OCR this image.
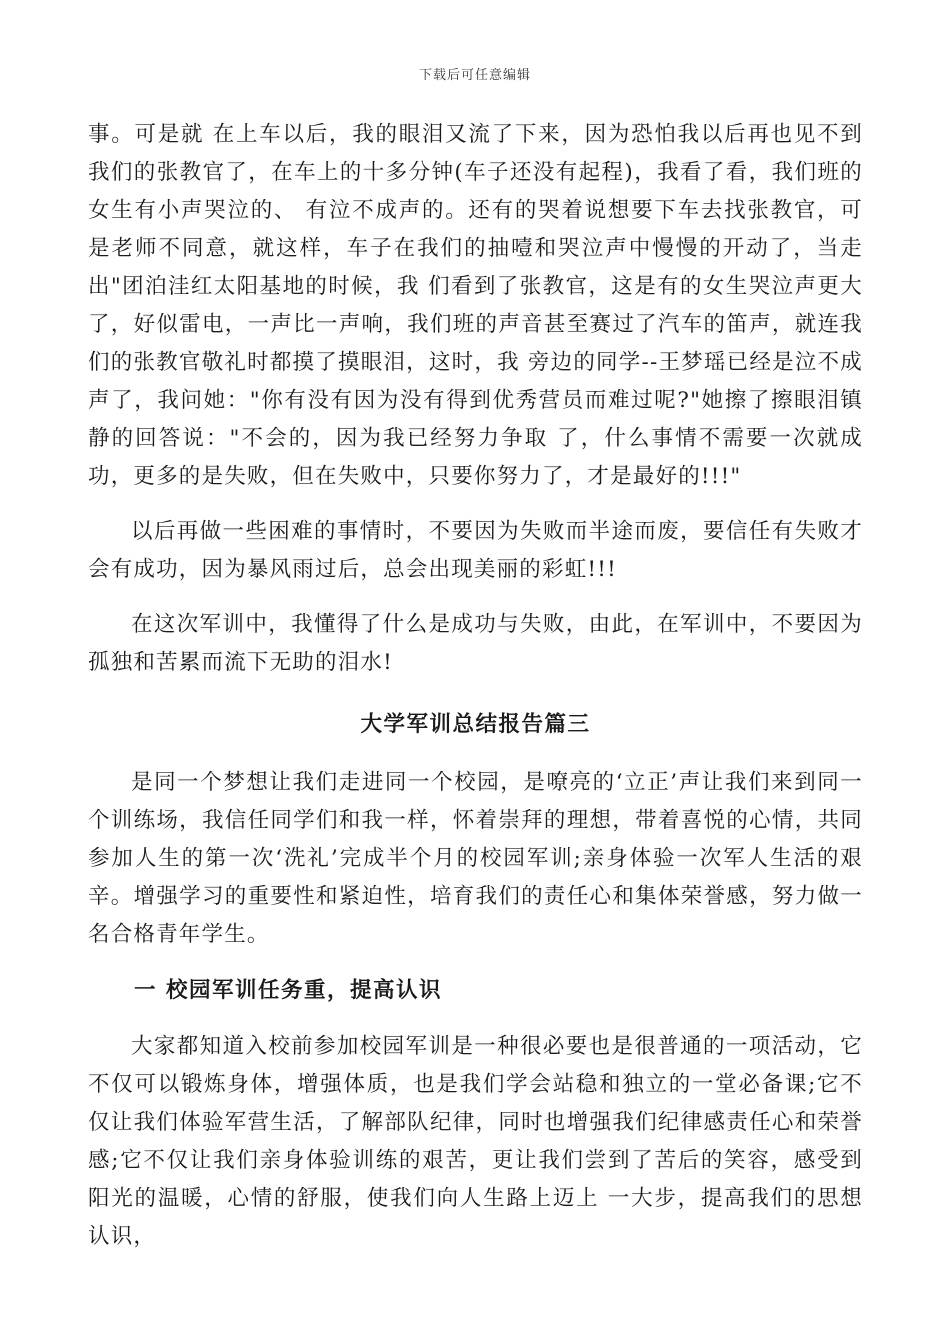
下载后可任意编辑

事。可是就 在上车以后，我的眼泪又流了下来，因为恐怕我以后再也见不到我们的张教官了，在车上的十多分钟(车子还没有起程)，我看了看，我们班的女生有小声哭泣的、 有泣不成声的。还有的哭着说想要下车去找张教官，可是老师不同意，就这样，车子在我们的抽噎和哭泣声中慢慢的开动了，当走出"团泊洼红太阳基地的时候，我 们看到了张教官，这是有的女生哭泣声更大了，好似雷电，一声比一声响，我们班的声音甚至赛过了汽车的笛声，就连我们的张教官敬礼时都摸了摸眼泪，这时，我 旁边的同学--王梦瑶已经是泣不成声了，我问她："你有没有因为没有得到优秀营员而难过呢?"她擦了擦眼泪镇静的回答说："不会的，因为我已经努力争取 了，什么事情不需要一次就成功，更多的是失败，但在失败中，只要你努力了，才是最好的!!!"

以后再做一些困难的事情时，不要因为失败而半途而废，要信任有失败才会有成功，因为暴风雨过后，总会出现美丽的彩虹!!!

在这次军训中，我懂得了什么是成功与失败，由此，在军训中，不要因为孤独和苦累而流下无助的泪水!

大学军训总结报告篇三

是同一个梦想让我们走进同一个校园，是嘹亮的‘立正’声让我们来到同一个训练场，我信任同学们和我一样，怀着崇拜的理想，带着喜悦的心情，共同参加人生的第一次‘洗礼’完成半个月的校园军训;亲身体验一次军人生活的艰辛。增强学习的重要性和紧迫性，培育我们的责任心和集体荣誉感，努力做一名合格青年学生。

一 校园军训任务重，提高认识

大家都知道入校前参加校园军训是一种很必要也是很普通的一项活动，它不仅可以锻炼身体，增强体质，也是我们学会站稳和独立的一堂必备课;它不仅让我们体验军营生活，了解部队纪律，同时也增强我们纪律感责任心和荣誉感;它不仅让我们亲身体验训练的艰苦，更让我们尝到了苦后的笑容，感受到阳光的温暖，心情的舒服，使我们向人生路上迈上 一大步，提高我们的思想认识，
